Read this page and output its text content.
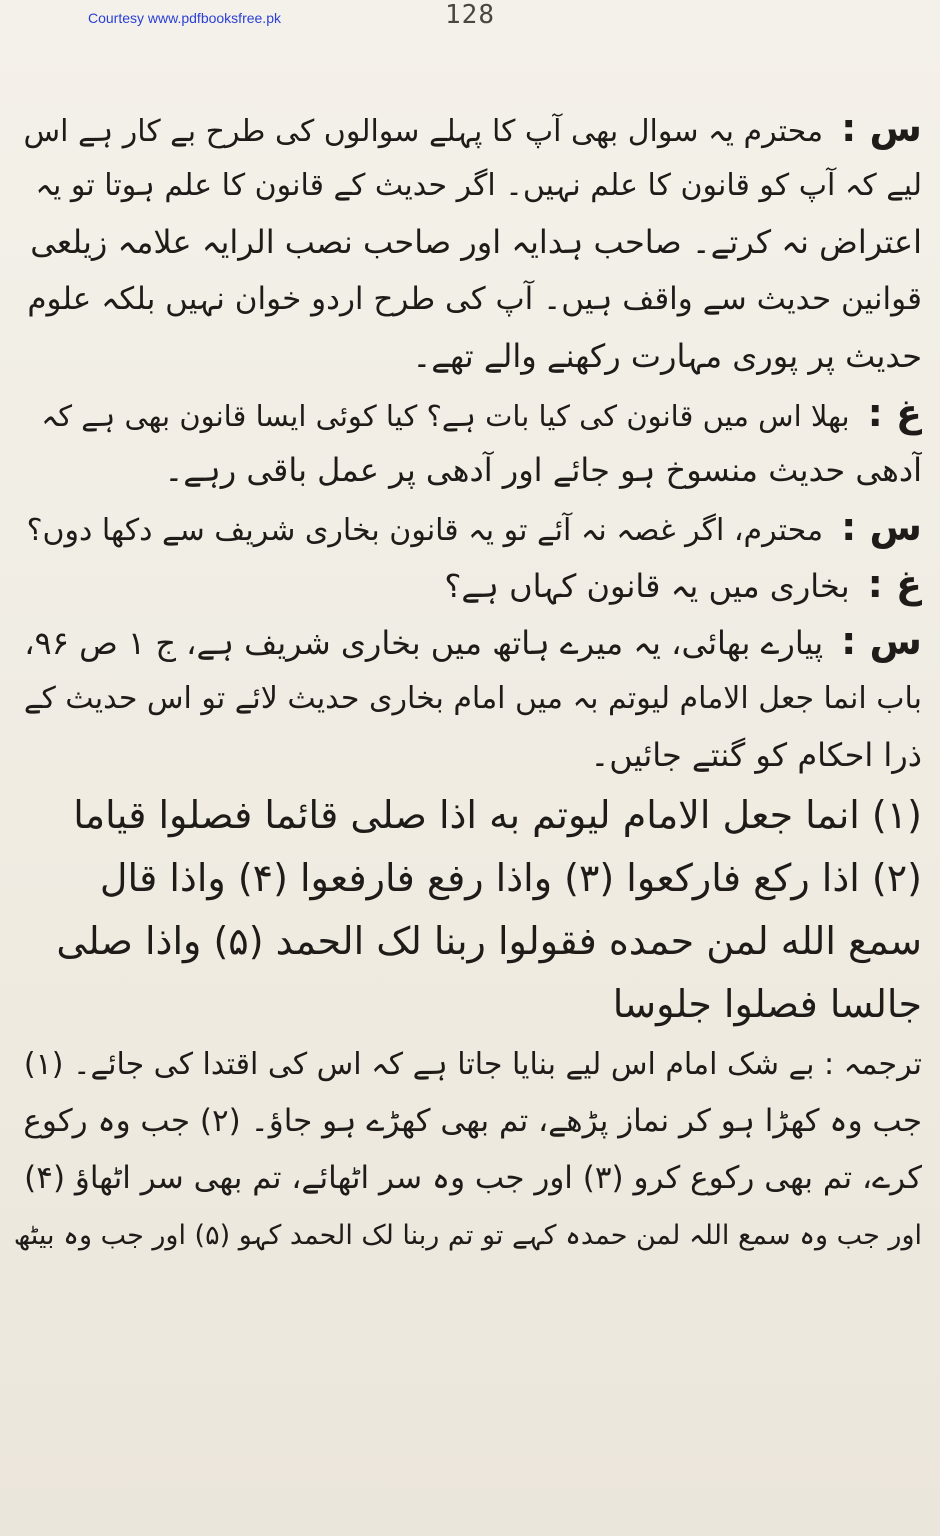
Courtesy www.pdfbooksfree.pk	128
س :محترم یہ سوال بھی آپ کا پہلے سوالوں کی طرح بے کار ہے اس
لیے کہ آپ کو قانون کا علم نہیں۔ اگر حدیث کے قانون کا علم ہوتا تو یہ
اعتراض نہ کرتے۔ صاحب ہدایہ اور صاحب نصب الرایہ علامہ زیلعی
قوانین حدیث سے واقف ہیں۔ آپ کی طرح اردو خوان نہیں بلکہ علوم
حدیث پر پوری مہارت رکھنے والے تھے۔
غ :بھلا اس میں قانون کی کیا بات ہے؟ کیا کوئی ایسا قانون بھی ہے کہ
آدھی حدیث منسوخ ہو جائے اور آدھی پر عمل باقی رہے۔
س :محترم، اگر غصہ نہ آئے تو یہ قانون بخاری شریف سے دکھا دوں؟
غ :بخاری میں یہ قانون کہاں ہے؟
س :پیارے بھائی، یہ میرے ہاتھ میں بخاری شریف ہے، ج ۱ ص ۹۶،
باب انما جعل الامام لیوتم بہ میں امام بخاری حدیث لائے تو اس حدیث کے
ذرا احکام کو گنتے جائیں۔
(۱) انما جعل الامام لیوتم به اذا صلی قائما فصلوا قیاما
(۲) اذا رکع فارکعوا (۳) واذا رفع فارفعوا (۴) واذا قال
سمع الله لمن حمده فقولوا ربنا لک الحمد (۵) واذا صلی
جالسا فصلوا جلوسا
ترجمہ : بے شک امام اس لیے بنایا جاتا ہے کہ اس کی اقتدا کی جائے۔ (۱)
جب وہ کھڑا ہو کر نماز پڑھے، تم بھی کھڑے ہو جاؤ۔ (۲) جب وہ رکوع
کرے، تم بھی رکوع کرو (۳) اور جب وہ سر اٹھائے، تم بھی سر اٹھاؤ (۴)
اور جب وہ سمع اللہ لمن حمدہ کہے تو تم ربنا لک الحمد کہو (۵) اور جب وہ بیٹھ
